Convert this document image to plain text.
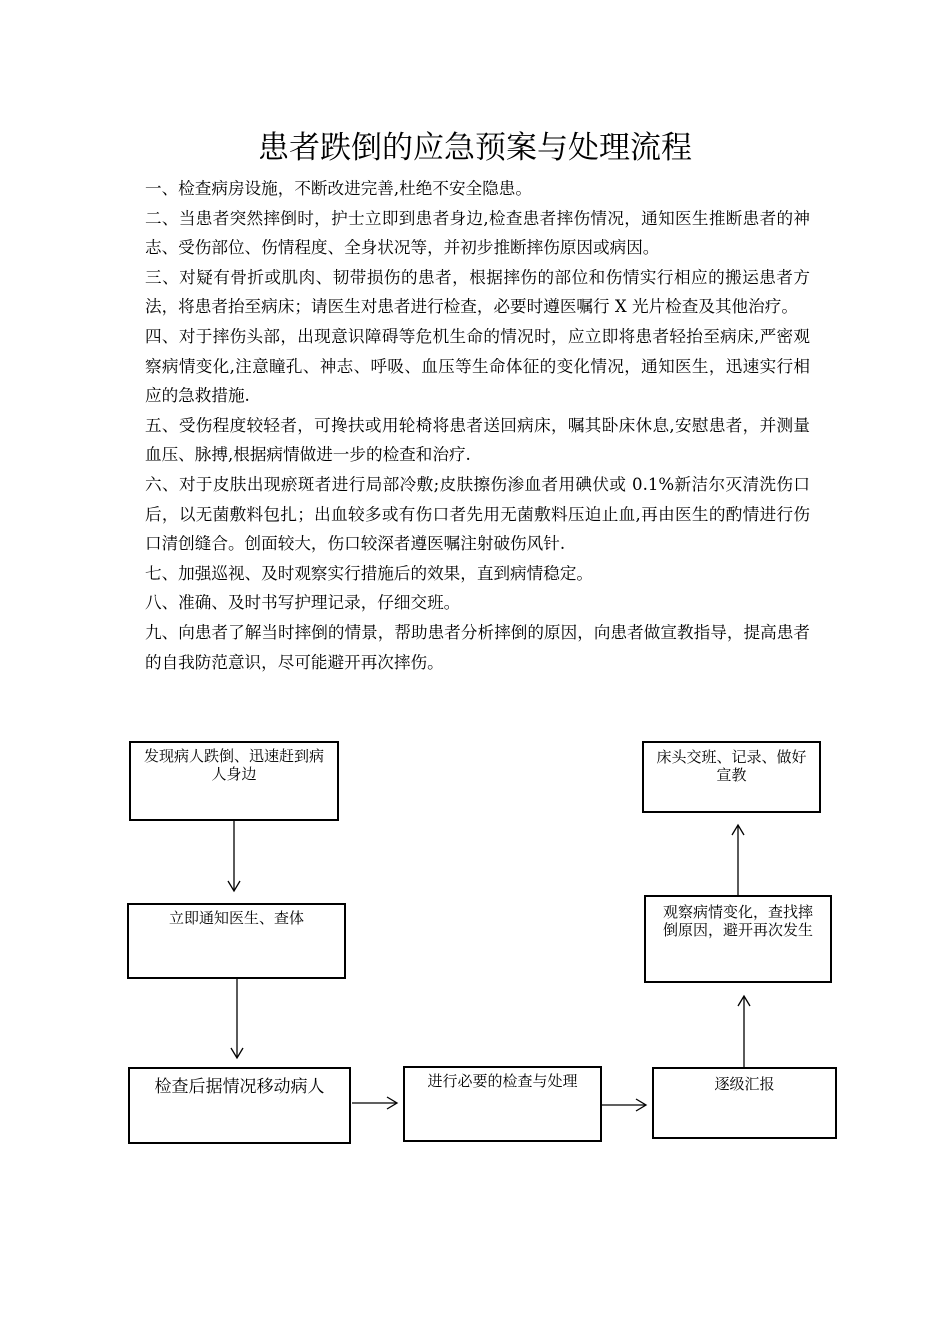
患者跌倒的应急预案与处理流程

一、检查病房设施，不断改进完善,杜绝不安全隐患。

二、当患者突然摔倒时，护士立即到患者身边,检查患者摔伤情况，通知医生推断患者的神志、受伤部位、伤情程度、全身状况等，并初步推断摔伤原因或病因。

三、对疑有骨折或肌肉、韧带损伤的患者，根据摔伤的部位和伤情实行相应的搬运患者方法，将患者抬至病床；请医生对患者进行检查，必要时遵医嘱行 X 光片检查及其他治疗。

四、对于摔伤头部，出现意识障碍等危机生命的情况时，应立即将患者轻抬至病床,严密观察病情变化,注意瞳孔、神志、呼吸、血压等生命体征的变化情况，通知医生，迅速实行相应的急救措施.

五、受伤程度较轻者，可搀扶或用轮椅将患者送回病床，嘱其卧床休息,安慰患者，并测量血压、脉搏,根据病情做进一步的检查和治疗.

六、对于皮肤出现瘀斑者进行局部冷敷;皮肤擦伤渗血者用碘伏或 0.1%新洁尔灭清洗伤口后，以无菌敷料包扎；出血较多或有伤口者先用无菌敷料压迫止血,再由医生的酌情进行伤口清创缝合。创面较大，伤口较深者遵医嘱注射破伤风针.

七、加强巡视、及时观察实行措施后的效果，直到病情稳定。

八、准确、及时书写护理记录，仔细交班。

九、向患者了解当时摔倒的情景，帮助患者分析摔倒的原因，向患者做宣教指导，提高患者的自我防范意识，尽可能避开再次摔伤。

发现病人跌倒、迅速赶到病人身边
立即通知医生、查体
检查后据情况移动病人	进行必要的检查与处理	逐级汇报
观察病情变化，查找摔倒原因，避开再次发生
床头交班、记录、做好宣教
